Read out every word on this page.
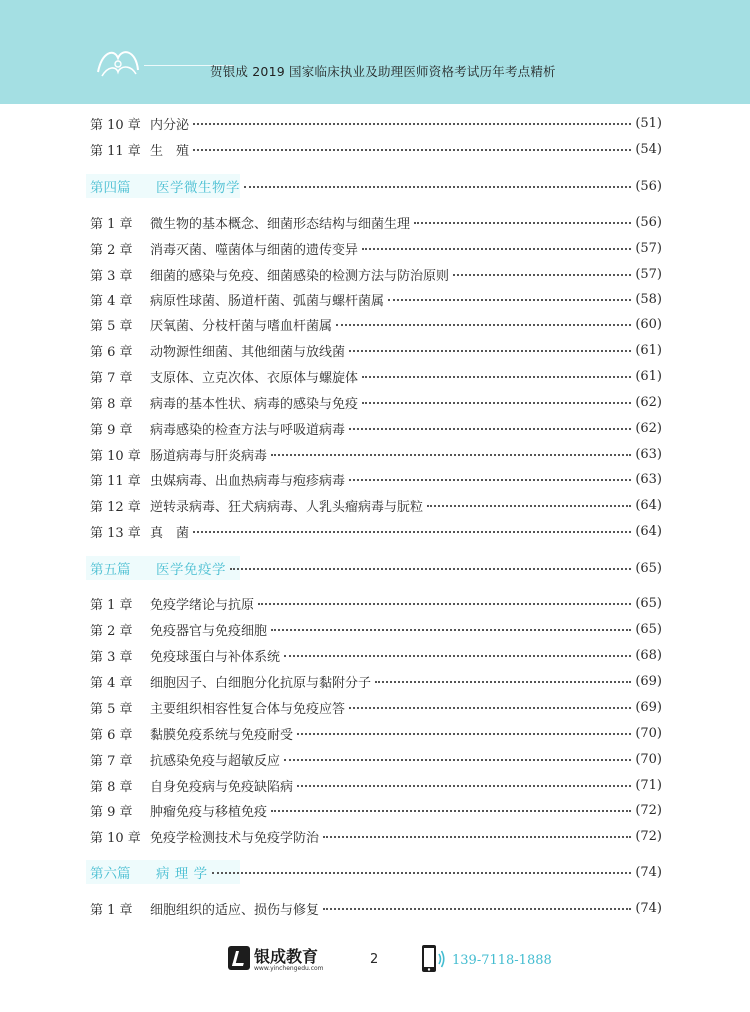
贺银成 2019 国家临床执业及助理医师资格考试历年考点精析
第 10 章 内分泌	(51)
第 11 章 生　殖	(54)
第四篇	医学微生物学	(56)
第 1 章	微生物的基本概念、细菌形态结构与细菌生理	(56)
第 2 章	消毒灭菌、噬菌体与细菌的遗传变异	(57)
第 3 章	细菌的感染与免疫、细菌感染的检测方法与防治原则	(57)
第 4 章	病原性球菌、肠道杆菌、弧菌与螺杆菌属	(58)
第 5 章	厌氧菌、分枝杆菌与嗜血杆菌属	(60)
第 6 章	动物源性细菌、其他细菌与放线菌	(61)
第 7 章	支原体、立克次体、衣原体与螺旋体	(61)
第 8 章	病毒的基本性状、病毒的感染与免疫	(62)
第 9 章	病毒感染的检查方法与呼吸道病毒	(62)
第 10 章 肠道病毒与肝炎病毒	(63)
第 11 章 虫媒病毒、出血热病毒与疱疹病毒	(63)
第 12 章 逆转录病毒、狂犬病病毒、人乳头瘤病毒与朊粒	(64)
第 13 章 真　菌	(64)
第五篇	医学免疫学	(65)
第 1 章	免疫学绪论与抗原	(65)
第 2 章	免疫器官与免疫细胞	(65)
第 3 章	免疫球蛋白与补体系统	(68)
第 4 章	细胞因子、白细胞分化抗原与黏附分子	(69)
第 5 章	主要组织相容性复合体与免疫应答	(69)
第 6 章	黏膜免疫系统与免疫耐受	(70)
第 7 章	抗感染免疫与超敏反应	(70)
第 8 章	自身免疫病与免疫缺陷病	(71)
第 9 章	肿瘤免疫与移植免疫	(72)
第 10 章 免疫学检测技术与免疫学防治	(72)
第六篇	病 理 学	(74)
第 1 章	细胞组织的适应、损伤与修复	(74)
银成教育
www.yinchengedu.com
2	139-7118-1888
